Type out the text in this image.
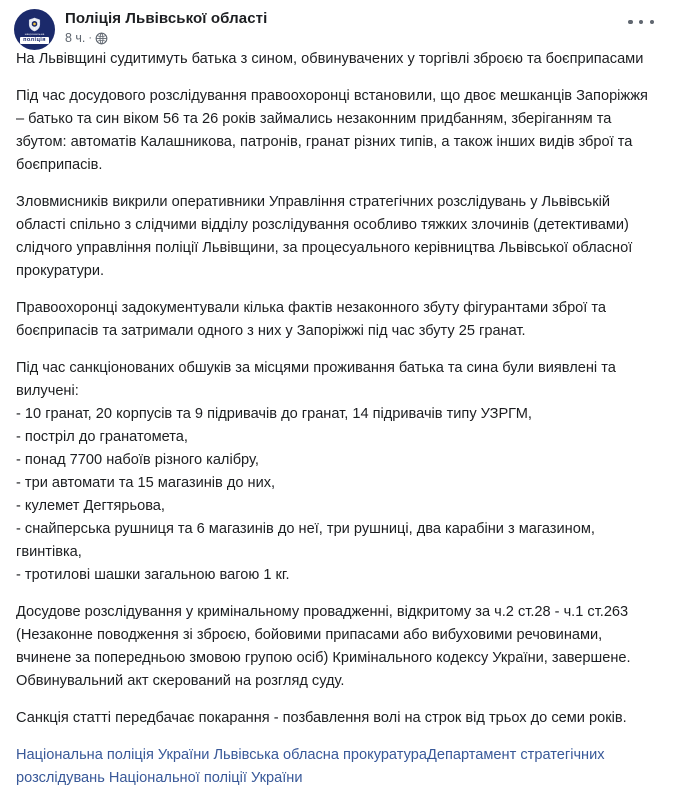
національна
поліція
Поліція Львівської області
8 ч. ·

На Львівщині судитимуть батька з сином, обвинувачених у торгівлі зброєю та боєприпасами

Під час досудового розслідування правоохоронці встановили, що двоє мешканців Запоріжжя – батько та син віком 56 та 26 років займались незаконним придбанням, зберіганням та збутом: автоматів Калашникова, патронів, гранат різних типів, а також інших видів зброї та боєприпасів.

Зловмисників викрили оперативники Управління стратегічних розслідувань у Львівській області спільно з слідчими відділу розслідування особливо тяжких злочинів (детективами) слідчого управління поліції Львівщини, за процесуального керівництва Львівської обласної прокуратури.

Правоохоронці задокументували кілька фактів незаконного збуту фігурантами зброї та боєприпасів та затримали одного з них у Запоріжжі під час збуту 25 гранат.

Під час санкціонованих обшуків за місцями проживання батька та сина були виявлені та вилучені:

- 10 гранат, 20 корпусів та 9 підривачів до гранат, 14 підривачів типу УЗРГМ,

- постріл до гранатомета,

- понад 7700 набоїв різного калібру,

- три автомати та 15 магазинів до них,

- кулемет Дегтярьова,

- снайперська рушниця та 6 магазинів до неї, три рушниці, два карабіни з магазином, гвинтівка,

- тротилові шашки загальною вагою 1 кг.

Досудове розслідування у кримінальному провадженні, відкритому за ч.2 ст.28 - ч.1 ст.263 (Незаконне поводження зі зброєю, бойовими припасами або вибуховими речовинами, вчинене за попередньою змовою групою осіб) Кримінального кодексу України, завершене. Обвинувальний акт скерований на розгляд суду.

Санкція статті передбачає покарання - позбавлення волі на строк від трьох до семи років.

Національна поліція України Львівська обласна прокуратураДепартамент стратегічних розслідувань Національної поліції України
